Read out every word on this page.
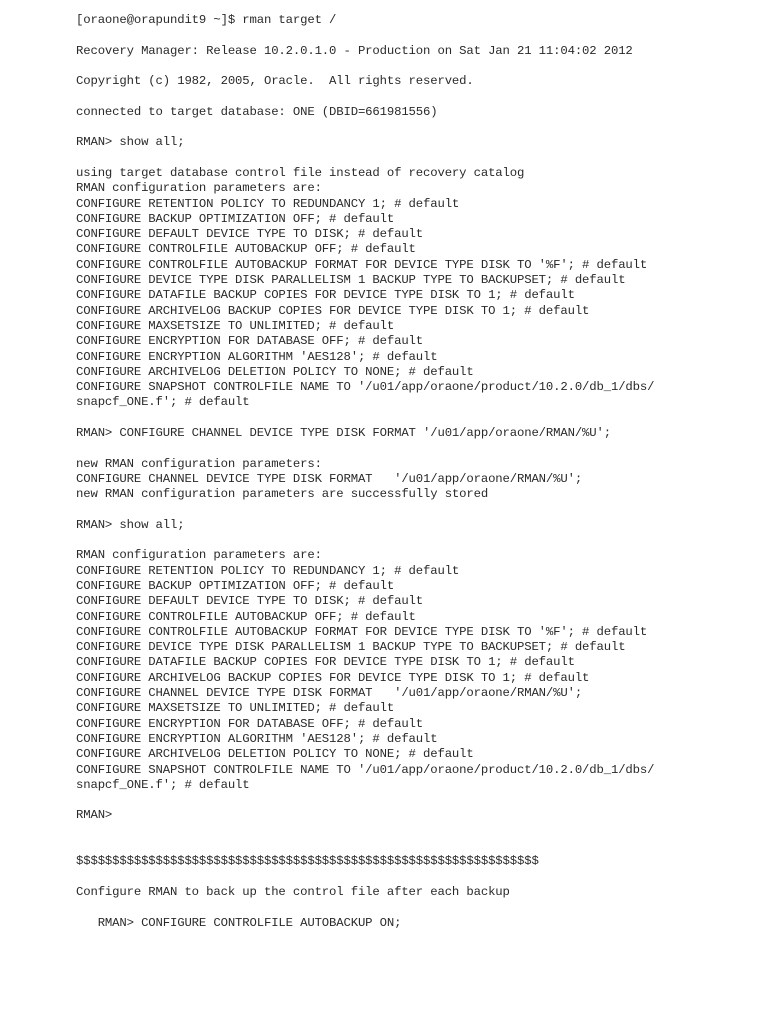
[oraone@orapundit9 ~]$ rman target /
Recovery Manager: Release 10.2.0.1.0 - Production on Sat Jan 21 11:04:02 2012
Copyright (c) 1982, 2005, Oracle.  All rights reserved.
connected to target database: ONE (DBID=661981556)
RMAN> show all;
using target database control file instead of recovery catalog
RMAN configuration parameters are:
CONFIGURE RETENTION POLICY TO REDUNDANCY 1; # default
CONFIGURE BACKUP OPTIMIZATION OFF; # default
CONFIGURE DEFAULT DEVICE TYPE TO DISK; # default
CONFIGURE CONTROLFILE AUTOBACKUP OFF; # default
CONFIGURE CONTROLFILE AUTOBACKUP FORMAT FOR DEVICE TYPE DISK TO '%F'; # default
CONFIGURE DEVICE TYPE DISK PARALLELISM 1 BACKUP TYPE TO BACKUPSET; # default
CONFIGURE DATAFILE BACKUP COPIES FOR DEVICE TYPE DISK TO 1; # default
CONFIGURE ARCHIVELOG BACKUP COPIES FOR DEVICE TYPE DISK TO 1; # default
CONFIGURE MAXSETSIZE TO UNLIMITED; # default
CONFIGURE ENCRYPTION FOR DATABASE OFF; # default
CONFIGURE ENCRYPTION ALGORITHM 'AES128'; # default
CONFIGURE ARCHIVELOG DELETION POLICY TO NONE; # default
CONFIGURE SNAPSHOT CONTROLFILE NAME TO '/u01/app/oraone/product/10.2.0/db_1/dbs/
snapcf_ONE.f'; # default
RMAN> CONFIGURE CHANNEL DEVICE TYPE DISK FORMAT '/u01/app/oraone/RMAN/%U';
new RMAN configuration parameters:
CONFIGURE CHANNEL DEVICE TYPE DISK FORMAT   '/u01/app/oraone/RMAN/%U';
new RMAN configuration parameters are successfully stored
RMAN> show all;
RMAN configuration parameters are:
CONFIGURE RETENTION POLICY TO REDUNDANCY 1; # default
CONFIGURE BACKUP OPTIMIZATION OFF; # default
CONFIGURE DEFAULT DEVICE TYPE TO DISK; # default
CONFIGURE CONTROLFILE AUTOBACKUP OFF; # default
CONFIGURE CONTROLFILE AUTOBACKUP FORMAT FOR DEVICE TYPE DISK TO '%F'; # default
CONFIGURE DEVICE TYPE DISK PARALLELISM 1 BACKUP TYPE TO BACKUPSET; # default
CONFIGURE DATAFILE BACKUP COPIES FOR DEVICE TYPE DISK TO 1; # default
CONFIGURE ARCHIVELOG BACKUP COPIES FOR DEVICE TYPE DISK TO 1; # default
CONFIGURE CHANNEL DEVICE TYPE DISK FORMAT   '/u01/app/oraone/RMAN/%U';
CONFIGURE MAXSETSIZE TO UNLIMITED; # default
CONFIGURE ENCRYPTION FOR DATABASE OFF; # default
CONFIGURE ENCRYPTION ALGORITHM 'AES128'; # default
CONFIGURE ARCHIVELOG DELETION POLICY TO NONE; # default
CONFIGURE SNAPSHOT CONTROLFILE NAME TO '/u01/app/oraone/product/10.2.0/db_1/dbs/
snapcf_ONE.f'; # default
RMAN>
$$$$$$$$$$$$$$$$$$$$$$$$$$$$$$$$$$$$$$$$$$$$$$$$$$$$$$$$$$$$$$$$
Configure RMAN to back up the control file after each backup
RMAN> CONFIGURE CONTROLFILE AUTOBACKUP ON;
